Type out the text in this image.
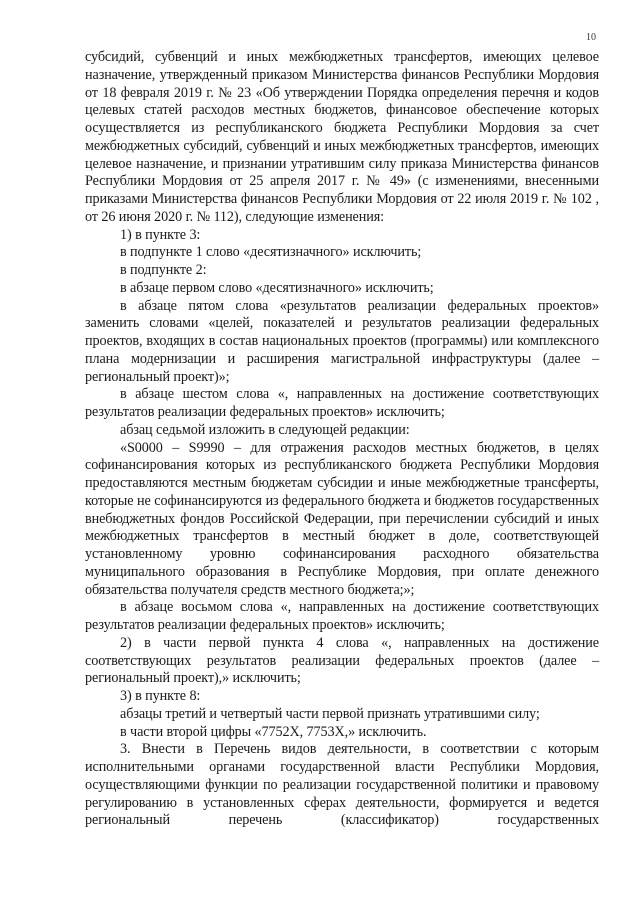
10

субсидий, субвенций и иных межбюджетных трансфертов, имеющих целевое назначение, утвержденный приказом Министерства финансов Республики Мордовия от 18 февраля 2019 г. № 23 «Об утверждении Порядка определения перечня и кодов целевых статей расходов местных бюджетов, финансовое обеспечение которых осуществляется из республиканского бюджета Республики Мордовия за счет межбюджетных субсидий, субвенций и иных межбюджетных трансфертов, имеющих целевое назначение, и признании утратившим силу приказа Министерства финансов Республики Мордовия от 25 апреля 2017 г. № 49» (с изменениями, внесенными приказами Министерства финансов Республики Мордовия от 22 июля 2019 г. № 102 , от 26 июня 2020 г. № 112), следующие изменения:

1) в пункте 3:

в подпункте 1 слово «десятизначного» исключить;

в подпункте 2:

в абзаце первом слово «десятизначного» исключить;

в абзаце пятом слова «результатов реализации федеральных проектов» заменить словами «целей, показателей и результатов реализации федеральных проектов, входящих в состав национальных проектов (программы) или комплексного плана модернизации и расширения магистральной инфраструктуры (далее – региональный проект)»;

в абзаце шестом слова «, направленных на достижение соответствующих результатов реализации федеральных проектов» исключить;

абзац седьмой изложить в следующей редакции:

«S0000 – S9990 – для отражения расходов местных бюджетов, в целях софинансирования которых из республиканского бюджета Республики Мордовия предоставляются местным бюджетам субсидии и иные межбюджетные трансферты, которые не софинансируются из федерального бюджета и бюджетов государственных внебюджетных фондов Российской Федерации, при перечислении субсидий и иных межбюджетных трансфертов в местный бюджет в доле, соответствующей установленному уровню софинансирования расходного обязательства муниципального образования в Республике Мордовия, при оплате денежного обязательства получателя средств местного бюджета;»;

в абзаце восьмом слова «, направленных на достижение соответствующих результатов реализации федеральных проектов» исключить;

2) в части первой пункта 4 слова «, направленных на достижение соответствующих результатов реализации федеральных проектов (далее – региональный проект),» исключить;

3) в пункте 8:

абзацы третий и четвертый части первой признать утратившими силу;

в части второй цифры «7752X, 7753X,» исключить.

3. Внести в Перечень видов деятельности, в соответствии с которым исполнительными органами государственной власти Республики Мордовия, осуществляющими функции по реализации государственной политики и правовому регулированию в установленных сферах деятельности, формируется и ведется региональный перечень (классификатор) государственных
